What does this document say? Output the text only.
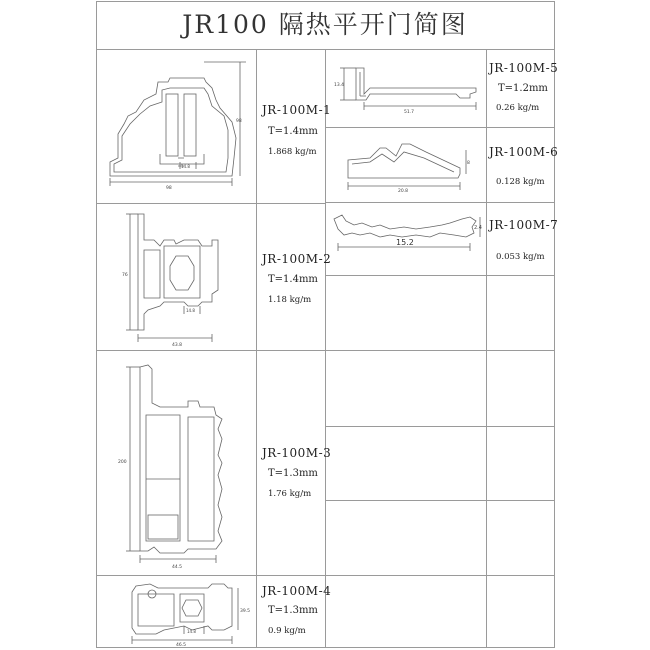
JR100 隔热平开门简图
98
98
14.8
76
43.8
14.8
200
44.5
39.5
46.5
14.8
13.4
51.7
8
20.8
15.2
2.4
JR-100M-1
T=1.4mm
1.868 kg/m
JR-100M-2
T=1.4mm
1.18 kg/m
JR-100M-3
T=1.3mm
1.76 kg/m
JR-100M-4
T=1.3mm
0.9 kg/m
JR-100M-5
T=1.2mm
0.26 kg/m
JR-100M-6
0.128 kg/m
JR-100M-7
0.053 kg/m
